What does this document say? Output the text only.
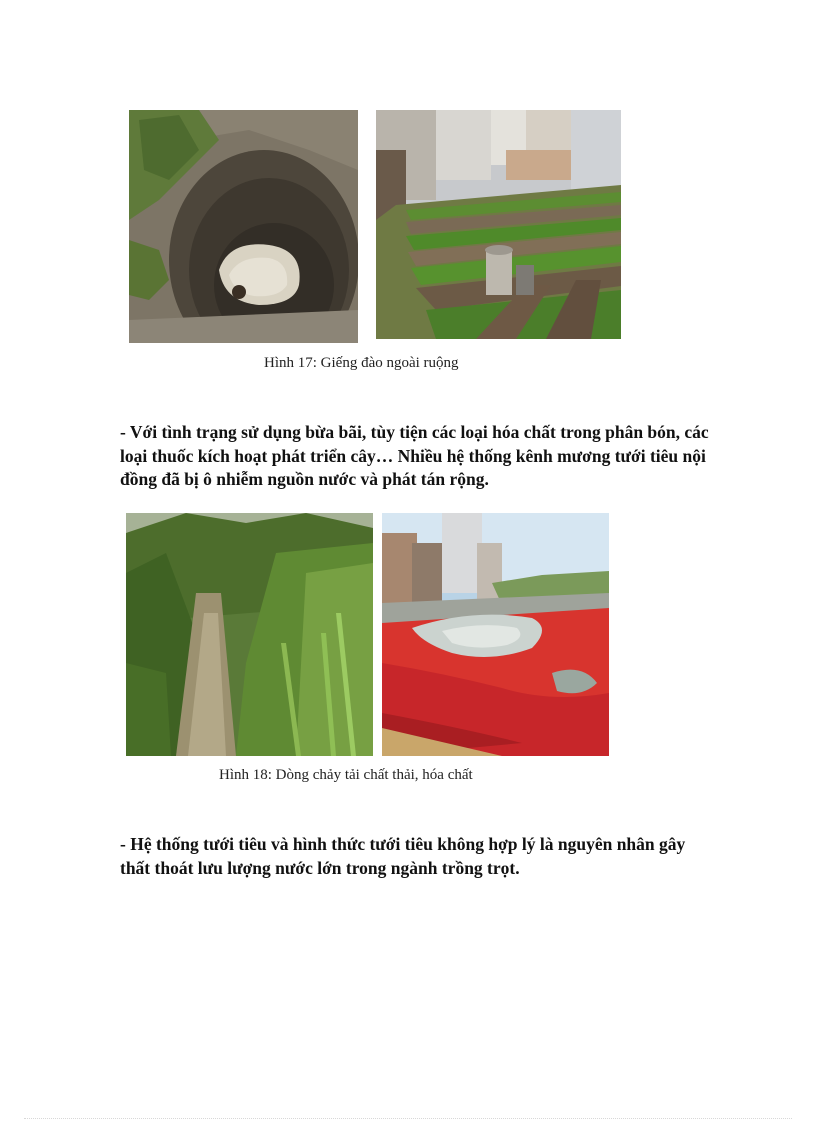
Hình 17: Giếng đào ngoài ruộng
- Với tình trạng sử dụng bừa bãi, tùy tiện các loại hóa chất trong phân bón, các
loại thuốc kích hoạt phát triển cây… Nhiều hệ thống kênh mương tưới tiêu nội
đồng đã bị ô nhiễm nguồn nước và phát tán rộng.
Hình 18: Dòng chảy tải chất thải, hóa chất
- Hệ thống tưới tiêu và hình thức tưới tiêu không hợp lý là nguyên nhân gây
thất thoát lưu lượng nước lớn trong ngành trồng trọt.
